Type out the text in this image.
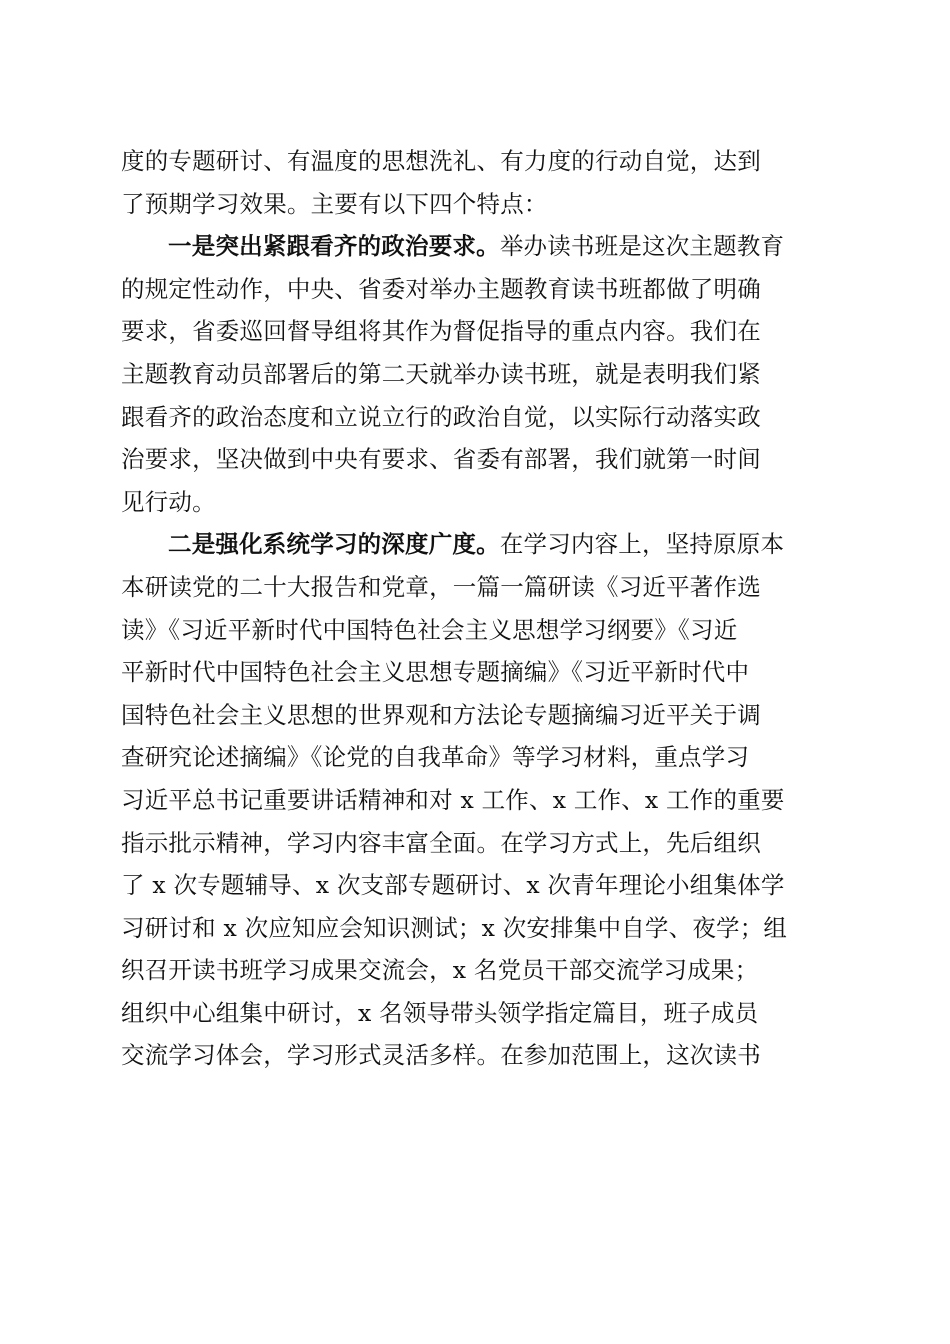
度的专题研讨、有温度的思想洗礼、有力度的行动自觉，达到
了预期学习效果。主要有以下四个特点：
一是突出紧跟看齐的政治要求。举办读书班是这次主题教育
的规定性动作，中央、省委对举办主题教育读书班都做了明确
要求，省委巡回督导组将其作为督促指导的重点内容。我们在
主题教育动员部署后的第二天就举办读书班，就是表明我们紧
跟看齐的政治态度和立说立行的政治自觉，以实际行动落实政
治要求，坚决做到中央有要求、省委有部署，我们就第一时间
见行动。
二是强化系统学习的深度广度。在学习内容上，坚持原原本
本研读党的二十大报告和党章，一篇一篇研读《习近平著作选
读》《习近平新时代中国特色社会主义思想学习纲要》《习近
平新时代中国特色社会主义思想专题摘编》《习近平新时代中
国特色社会主义思想的世界观和方法论专题摘编习近平关于调
查研究论述摘编》《论党的自我革命》等学习材料，重点学习
习近平总书记重要讲话精神和对 x 工作、x 工作、x 工作的重要
指示批示精神，学习内容丰富全面。在学习方式上，先后组织
了 x 次专题辅导、x 次支部专题研讨、x 次青年理论小组集体学
习研讨和 x 次应知应会知识测试；x 次安排集中自学、夜学；组
织召开读书班学习成果交流会，x 名党员干部交流学习成果；
组织中心组集中研讨，x 名领导带头领学指定篇目，班子成员
交流学习体会，学习形式灵活多样。在参加范围上，这次读书
